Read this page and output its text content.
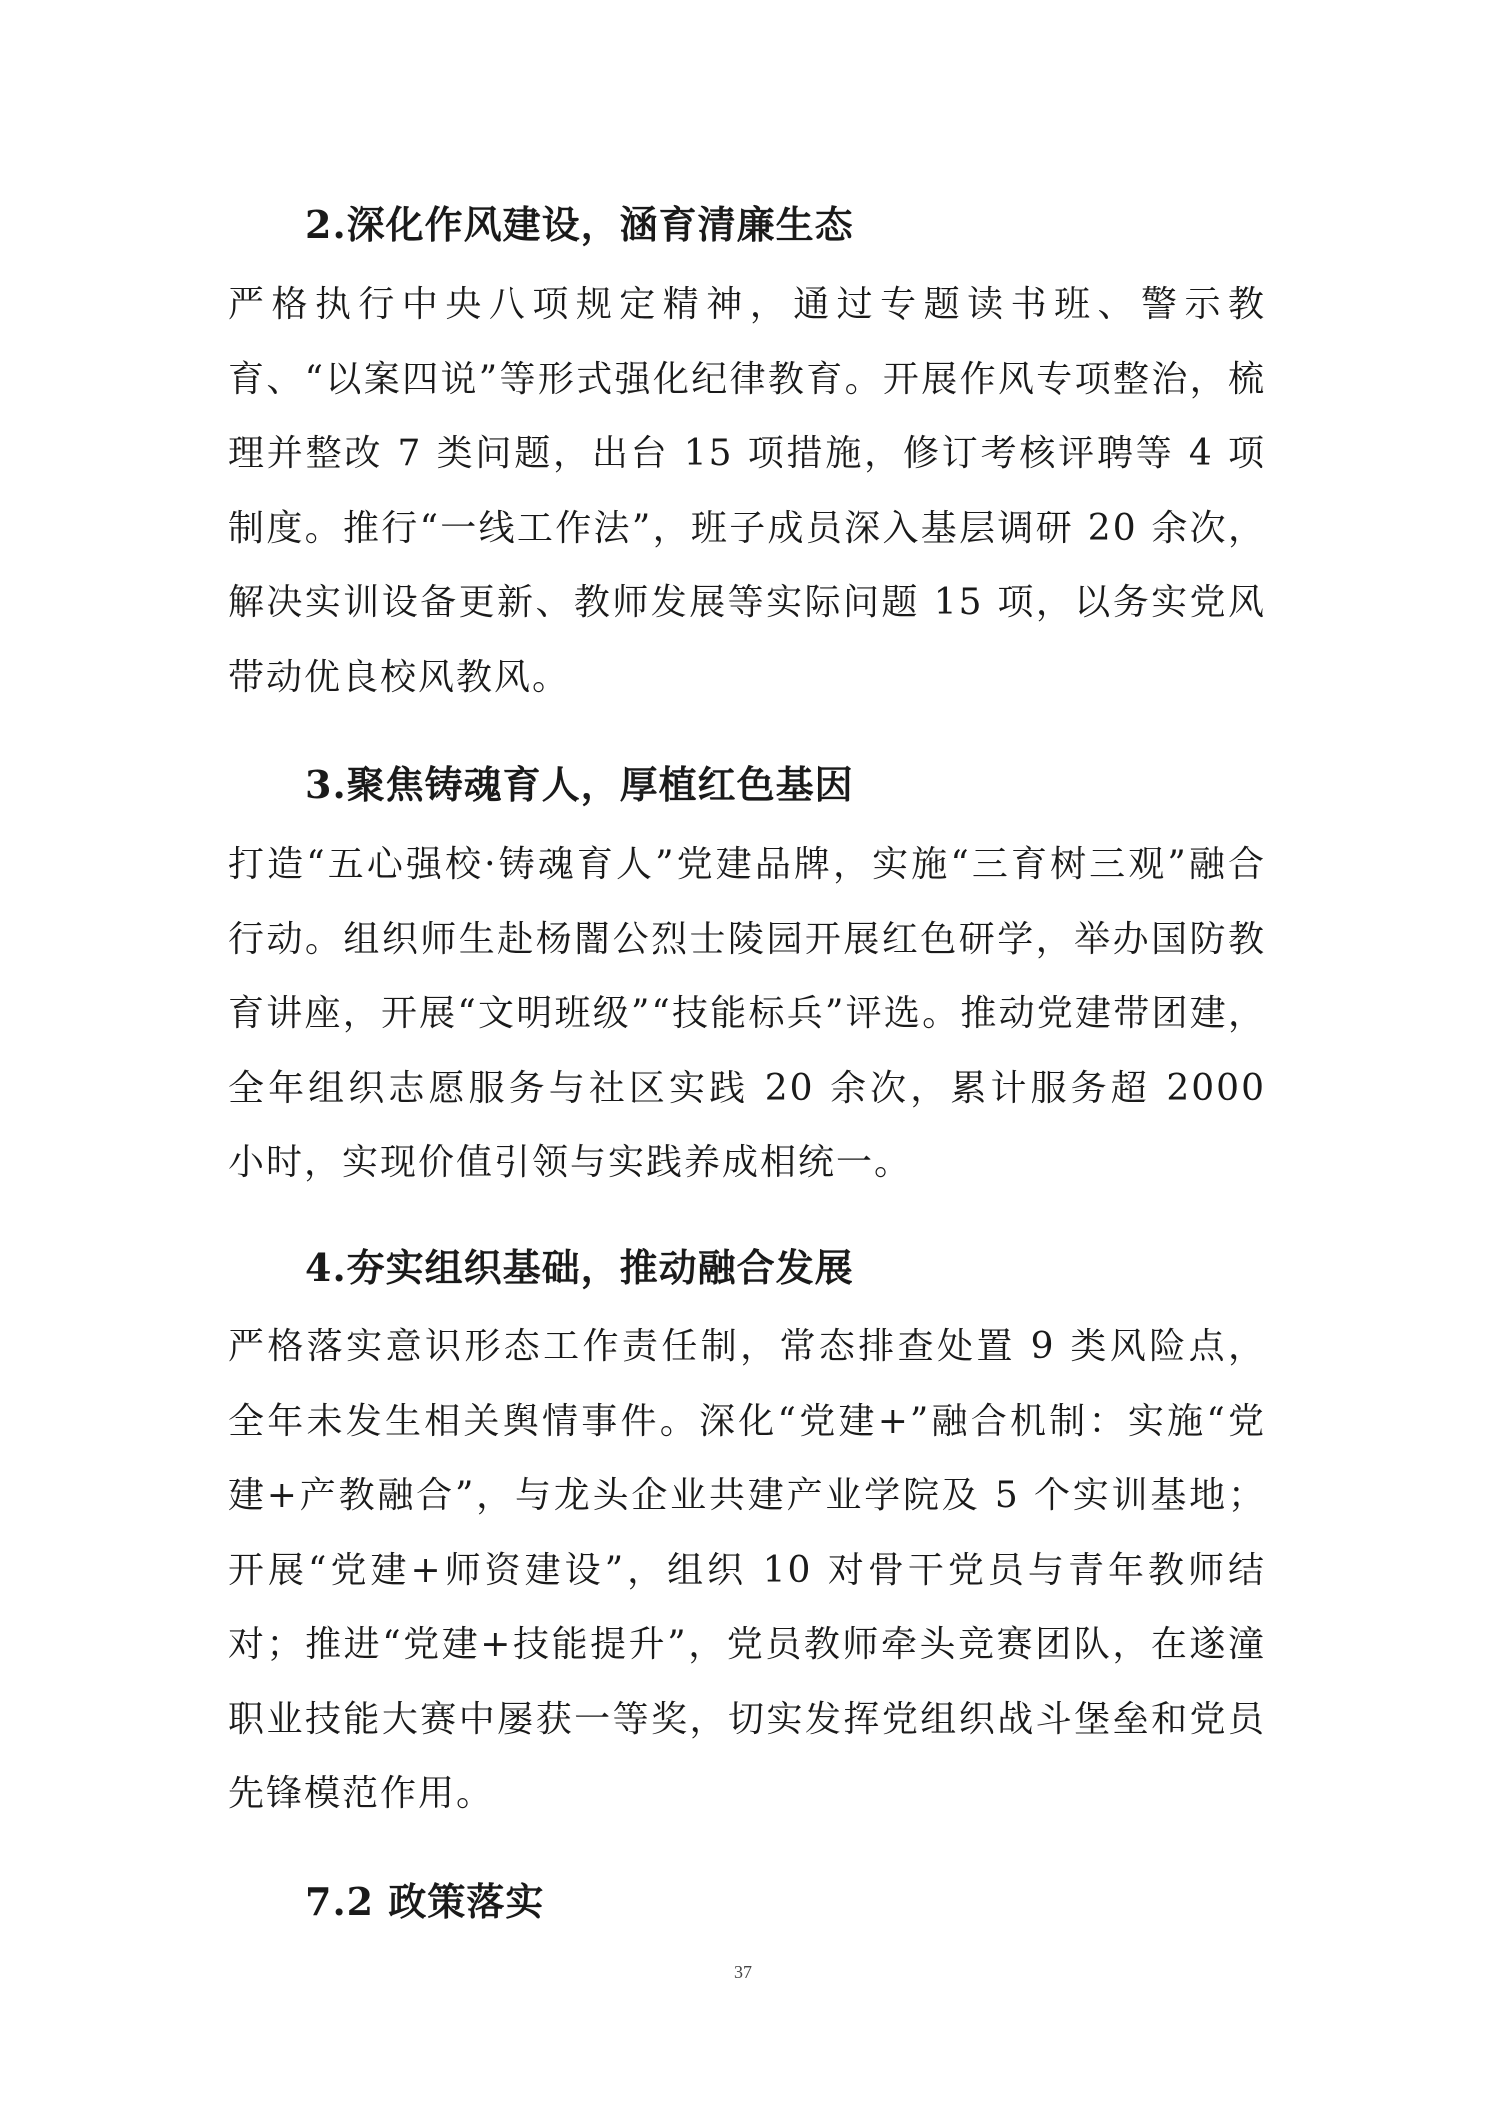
2.深化作风建设，涵育清廉生态

严格执行中央八项规定精神，通过专题读书班、警示教育、“以案四说”等形式强化纪律教育。开展作风专项整治，梳理并整改 7 类问题，出台 15 项措施，修订考核评聘等 4 项制度。推行“一线工作法”，班子成员深入基层调研 20 余次，解决实训设备更新、教师发展等实际问题 15 项，以务实党风带动优良校风教风。

3.聚焦铸魂育人，厚植红色基因

打造“五心强校·铸魂育人”党建品牌，实施“三育树三观”融合行动。组织师生赴杨闇公烈士陵园开展红色研学，举办国防教育讲座，开展“文明班级”“技能标兵”评选。推动党建带团建，全年组织志愿服务与社区实践 20 余次，累计服务超 2000 小时，实现价值引领与实践养成相统一。

4.夯实组织基础，推动融合发展

严格落实意识形态工作责任制，常态排查处置 9 类风险点，全年未发生相关舆情事件。深化“党建+”融合机制：实施“党建+产教融合”，与龙头企业共建产业学院及 5 个实训基地；开展“党建+师资建设”，组织 10 对骨干党员与青年教师结对；推进“党建+技能提升”，党员教师牵头竞赛团队，在遂潼职业技能大赛中屡获一等奖，切实发挥党组织战斗堡垒和党员先锋模范作用。

7.2 政策落实
37
